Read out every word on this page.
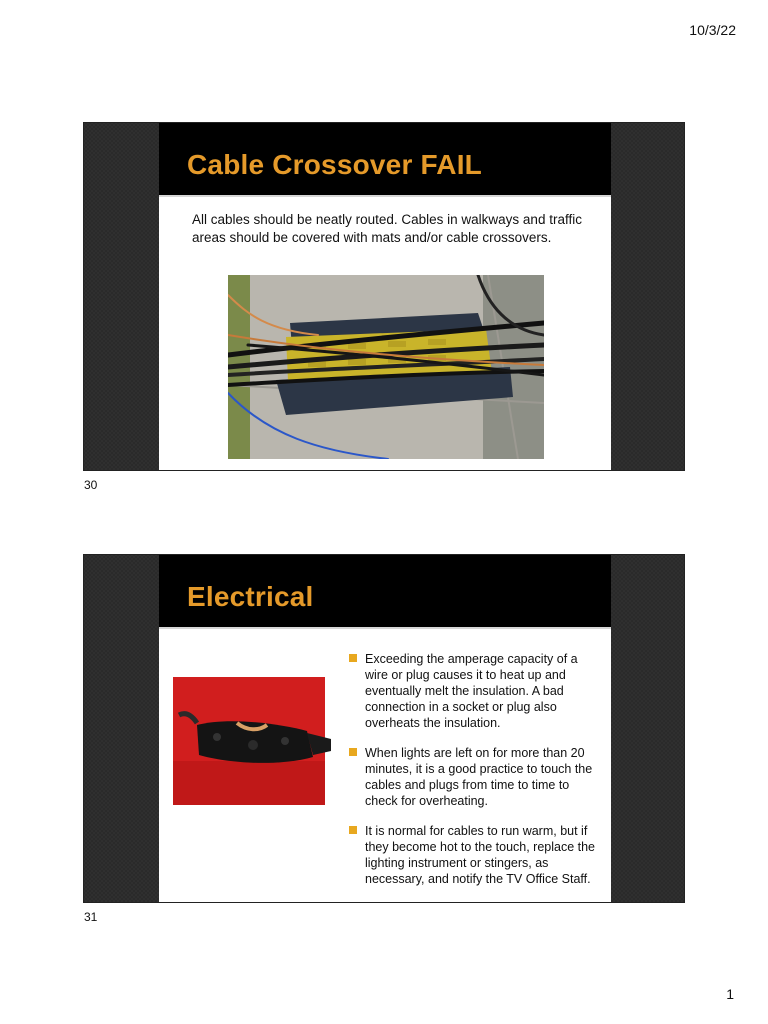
10/3/22
Cable Crossover FAIL
All cables should be neatly routed. Cables in walkways and traffic areas should be covered with mats and/or cable crossovers.
30
Electrical
Exceeding the amperage capacity of a wire or plug causes it to heat up and eventually melt the insulation. A bad connection in a socket or plug also overheats the insulation.
When lights are left on for more than 20 minutes, it is a good practice to touch the cables and plugs from time to time to check for overheating.
It is normal for cables to run warm, but if they become hot to the touch, replace the lighting instrument or stingers, as necessary, and notify the TV Office Staff.
31
1
